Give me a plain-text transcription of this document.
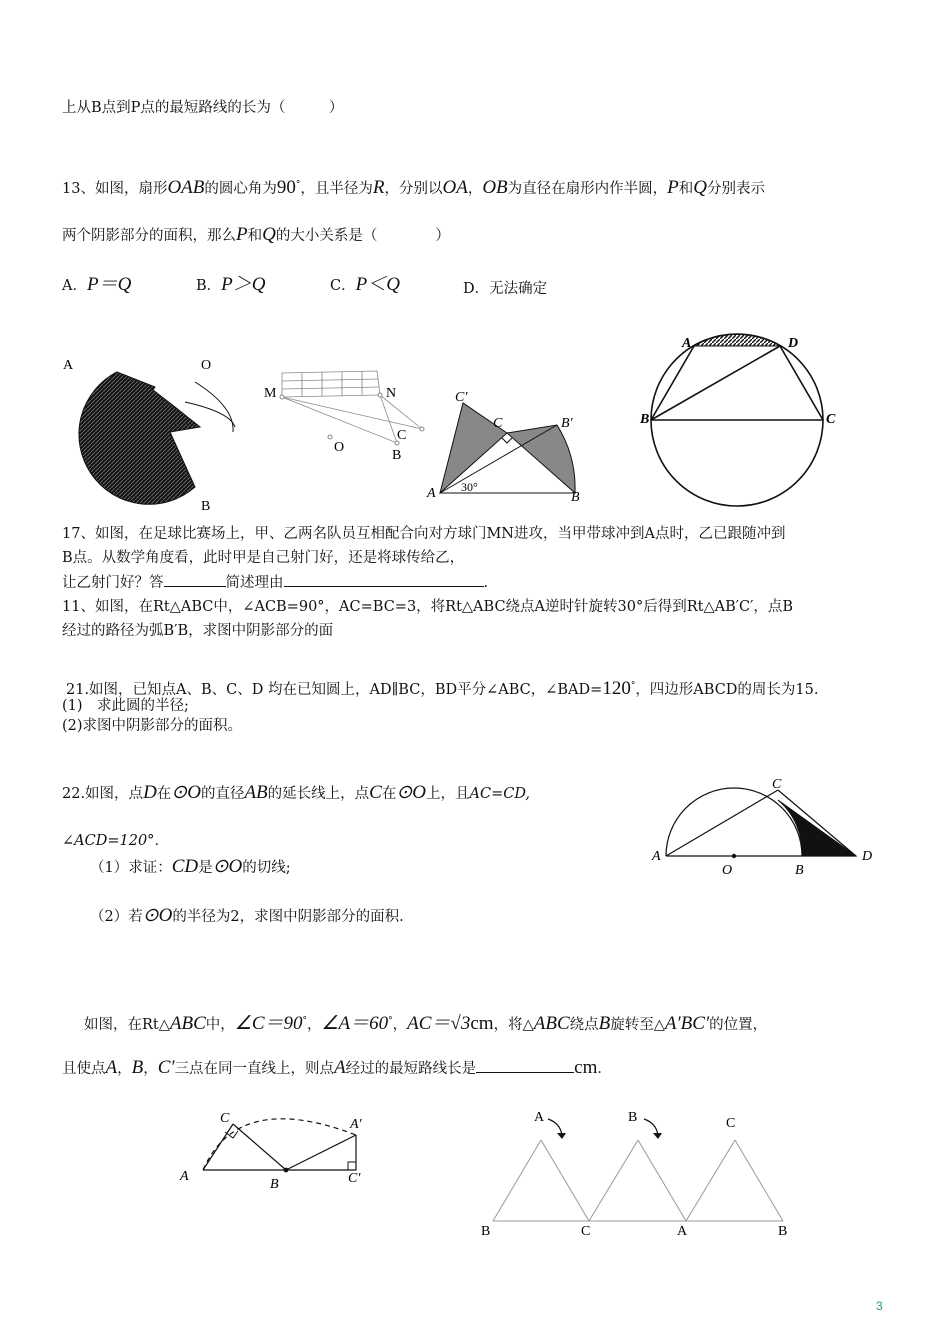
上从B点到P点的最短路线的长为（　　　）
13、如图，扇形OAB的圆心角为90°，且半径为R，分别以OA，OB为直径在扇形内作半圆，P和Q分别表示
两个阴影部分的面积，那么P和Q的大小关系是（　　　　）
A．P＝Q	B．P＞Q	C．P＜Q	D．无法确定
A	O
B
M	N
C
B
O
C′
C	B′
A	B
30°
A	D
B	C
17、如图，在足球比赛场上，甲、乙两名队员互相配合向对方球门MN进攻，当甲带球冲到A点时，乙已跟随冲到
B点。从数学角度看，此时甲是自己射门好，还是将球传给乙，
让乙射门好？答	简述理由	.
11、如图，在Rt△ABC中，∠ACB=90°，AC=BC=3，将Rt△ABC绕点A逆时针旋转30°后得到Rt△AB′C′，点B
经过的路径为弧B′B，求图中阴影部分的面
21.如图，已知点A、B、C、D 均在已知圆上，AD∥BC，BD平分∠ABC，∠BAD=120°，四边形ABCD的周长为15.
(1)　求此圆的半径;
(2)求图中阴影部分的面积。
22.如图，点D在⊙O的直径AB的延长线上，点C在⊙O上，且AC=CD,
∠ACD=120°．
（1）求证：CD是⊙O的切线;
（2）若⊙O的半径为2，求图中阴影部分的面积.
A
C
O	B
D
如图，在Rt△ABC中，∠C＝90°，∠A＝60°，AC＝√3cm，将△ABC绕点B旋转至△A′BC′的位置，
且使点A，B，C′三点在同一直线上，则点A经过的最短路线长是	cm．
C	A′
A
B	C′
A	B	C
B	C	A	B
3
